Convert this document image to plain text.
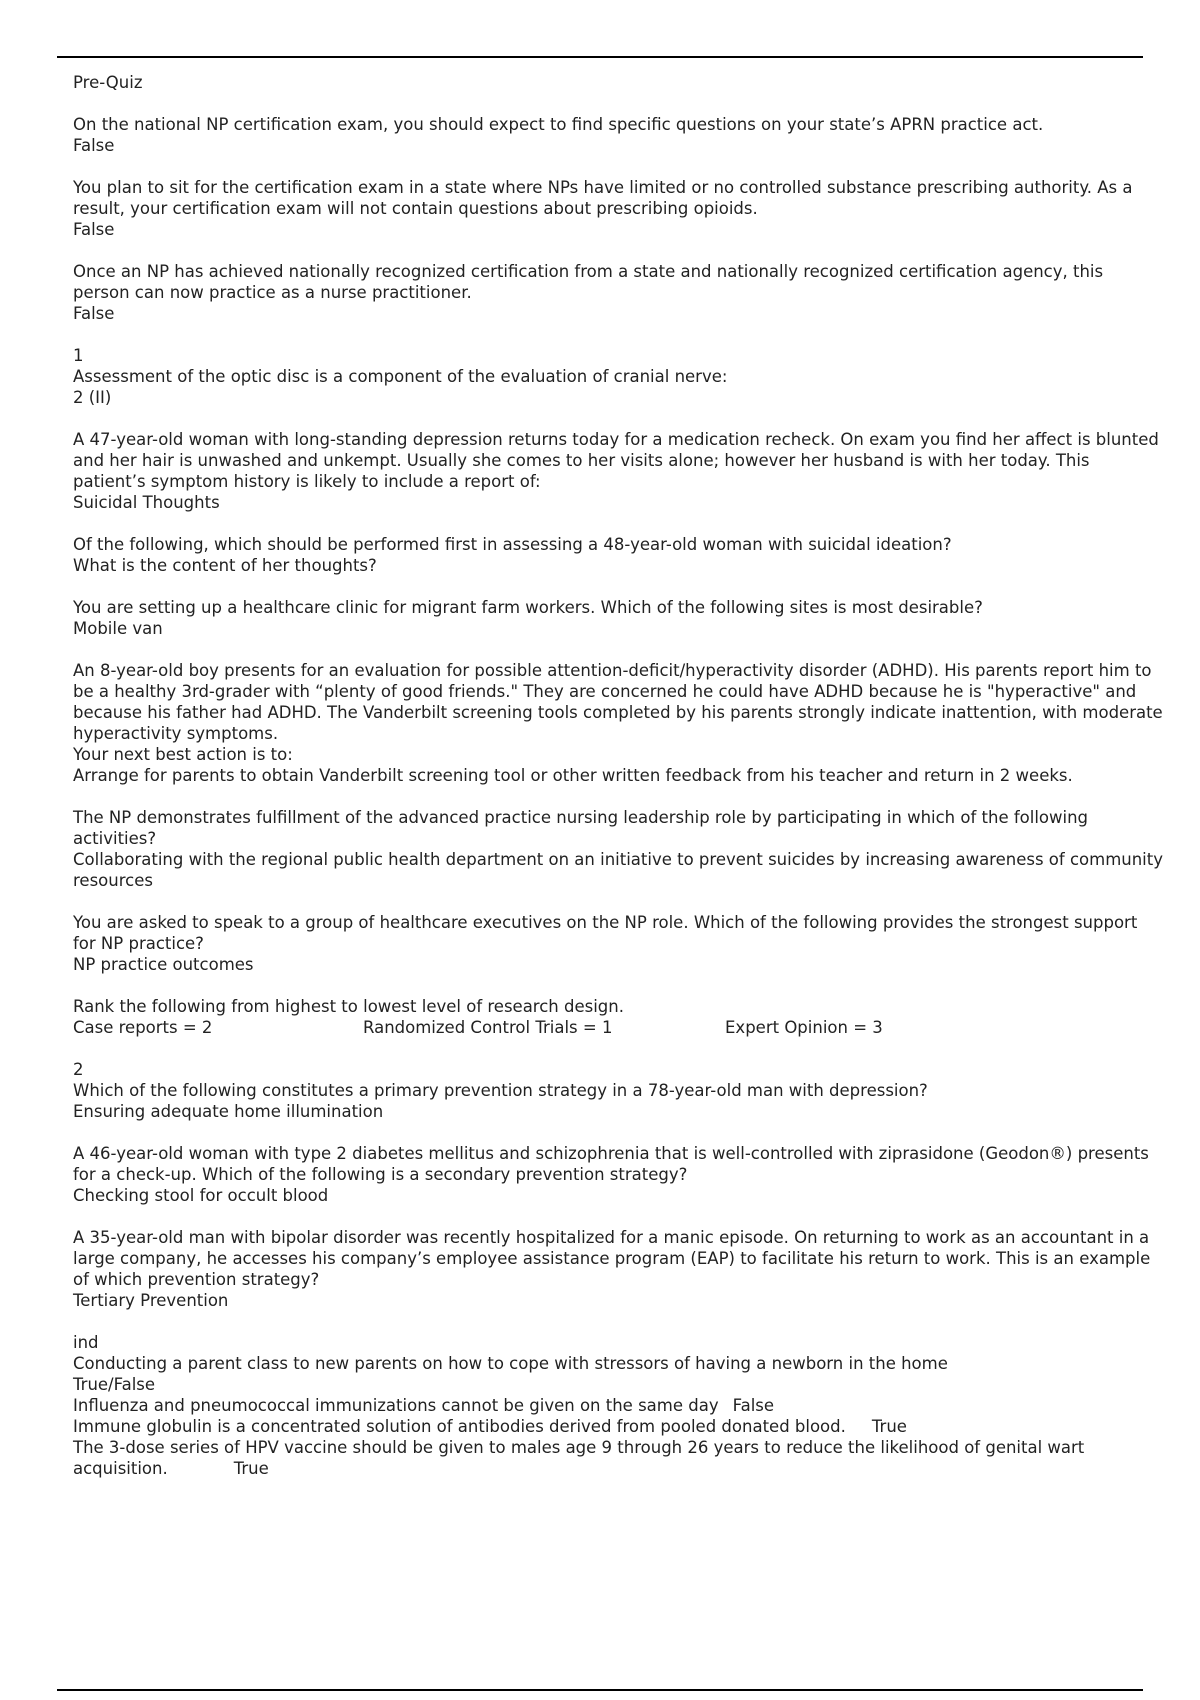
Pre-Quiz

On the national NP certification exam, you should expect to find specific questions on your state’s APRN practice act.

False

You plan to sit for the certification exam in a state where NPs have limited or no controlled substance prescribing authority. As a result, your certification exam will not contain questions about prescribing opioids.

False

Once an NP has achieved nationally recognized certification from a state and nationally recognized certification agency, this person can now practice as a nurse practitioner.

False

1

Assessment of the optic disc is a component of the evaluation of cranial nerve:

2 (II)

A 47-year-old woman with long-standing depression returns today for a medication recheck. On exam you find her affect is blunted and her hair is unwashed and unkempt. Usually she comes to her visits alone; however her husband is with her today. This patient’s symptom history is likely to include a report of:

Suicidal Thoughts

Of the following, which should be performed first in assessing a 48-year-old woman with suicidal ideation?

What is the content of her thoughts?

You are setting up a healthcare clinic for migrant farm workers. Which of the following sites is most desirable?

Mobile van

An 8-year-old boy presents for an evaluation for possible attention-deficit/hyperactivity disorder (ADHD). His parents report him to be a healthy 3rd-grader with “plenty of good friends." They are concerned he could have ADHD because he is "hyperactive" and because his father had ADHD. The Vanderbilt screening tools completed by his parents strongly indicate inattention, with moderate hyperactivity symptoms.

Your next best action is to:

Arrange for parents to obtain Vanderbilt screening tool or other written feedback from his teacher and return in 2 weeks.

The NP demonstrates fulfillment of the advanced practice nursing leadership role by participating in which of the following activities?

Collaborating with the regional public health department on an initiative to prevent suicides by increasing awareness of community resources

You are asked to speak to a group of healthcare executives on the NP role. Which of the following provides the strongest support for NP practice?

NP practice outcomes

Rank the following from highest to lowest level of research design.

Case reports = 2	Randomized Control Trials = 1	Expert Opinion = 3

2

Which of the following constitutes a primary prevention strategy in a 78-year-old man with depression?

Ensuring adequate home illumination

A 46-year-old woman with type 2 diabetes mellitus and schizophrenia that is well-controlled with ziprasidone (Geodon®) presents for a check-up. Which of the following is a secondary prevention strategy?

Checking stool for occult blood

A 35-year-old man with bipolar disorder was recently hospitalized for a manic episode. On returning to work as an accountant in a large company, he accesses his company’s employee assistance program (EAP) to facilitate his return to work. This is an example of which prevention strategy?

Tertiary Prevention

ind

Conducting a parent class to new parents on how to cope with stressors of having a newborn in the home

True/False

Influenza and pneumococcal immunizations cannot be given on the same day False

Immune globulin is a concentrated solution of antibodies derived from pooled donated blood. True

The 3-dose series of HPV vaccine should be given to males age 9 through 26 years to reduce the likelihood of genital wart acquisition.	True
